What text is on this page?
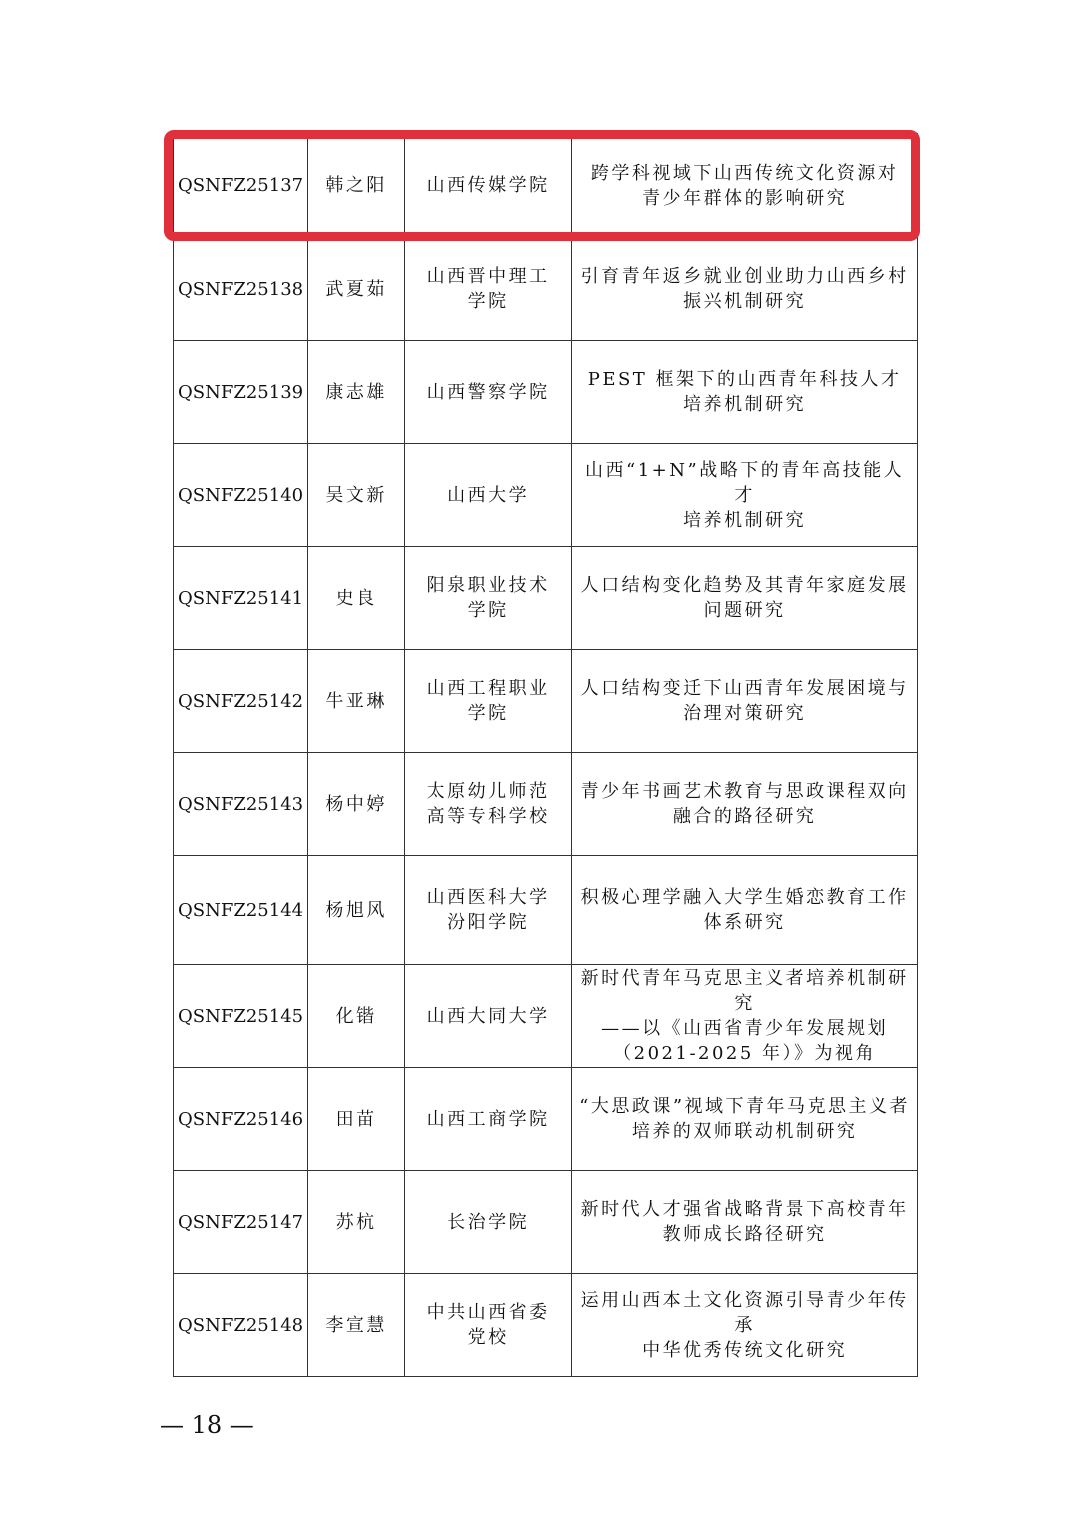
QSNFZ25137	韩之阳	山西传媒学院	跨学科视域下山西传统文化资源对
青少年群体的影响研究
QSNFZ25138	武夏茹	山西晋中理工
学院	引育青年返乡就业创业助力山西乡村
振兴机制研究
QSNFZ25139	康志雄	山西警察学院	PEST 框架下的山西青年科技人才
培养机制研究
QSNFZ25140	吴文新	山西大学	山西“1+N”战略下的青年高技能人才
培养机制研究
QSNFZ25141	史良	阳泉职业技术
学院	人口结构变化趋势及其青年家庭发展
问题研究
QSNFZ25142	牛亚琳	山西工程职业
学院	人口结构变迁下山西青年发展困境与
治理对策研究
QSNFZ25143	杨中婷	太原幼儿师范
高等专科学校	青少年书画艺术教育与思政课程双向
融合的路径研究
QSNFZ25144	杨旭风	山西医科大学
汾阳学院	积极心理学融入大学生婚恋教育工作
体系研究
QSNFZ25145	化锴	山西大同大学	新时代青年马克思主义者培养机制研究
——以《山西省青少年发展规划
（2021-2025 年）》为视角
QSNFZ25146	田苗	山西工商学院	“大思政课”视域下青年马克思主义者
培养的双师联动机制研究
QSNFZ25147	苏杭	长治学院	新时代人才强省战略背景下高校青年
教师成长路径研究
QSNFZ25148	李宣慧	中共山西省委
党校	运用山西本土文化资源引导青少年传承
中华优秀传统文化研究
— 18 —
